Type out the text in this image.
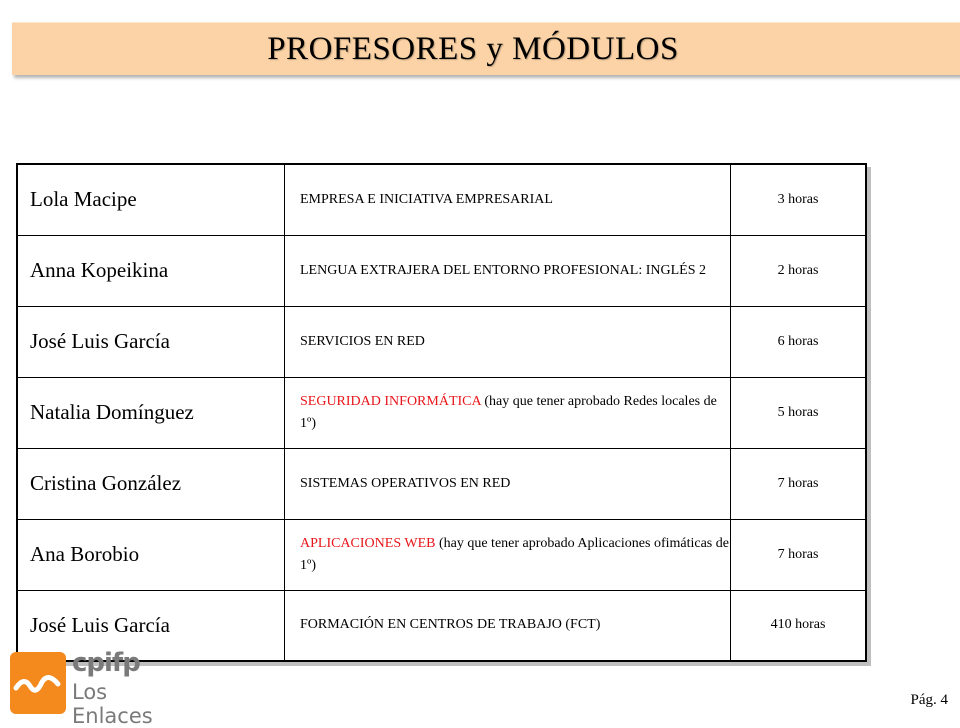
PROFESORES y MÓDULOS
Lola Macipe	EMPRESA E INICIATIVA EMPRESARIAL	3 horas
Anna Kopeikina	LENGUA EXTRAJERA DEL ENTORNO PROFESIONAL: INGLÉS 2	2 horas
José Luis García	SERVICIOS EN RED	6 horas
Natalia Domínguez	SEGURIDAD INFORMÁTICA (hay que tener aprobado Redes locales de 1º)	5 horas
Cristina González	SISTEMAS OPERATIVOS EN RED	7 horas
Ana Borobio	APLICACIONES WEB (hay que tener aprobado Aplicaciones ofimáticas de 1º)	7 horas
José Luis García	FORMACIÓN EN CENTROS DE TRABAJO (FCT)	410 horas
cpifp
Los Enlaces
Pág. 4
